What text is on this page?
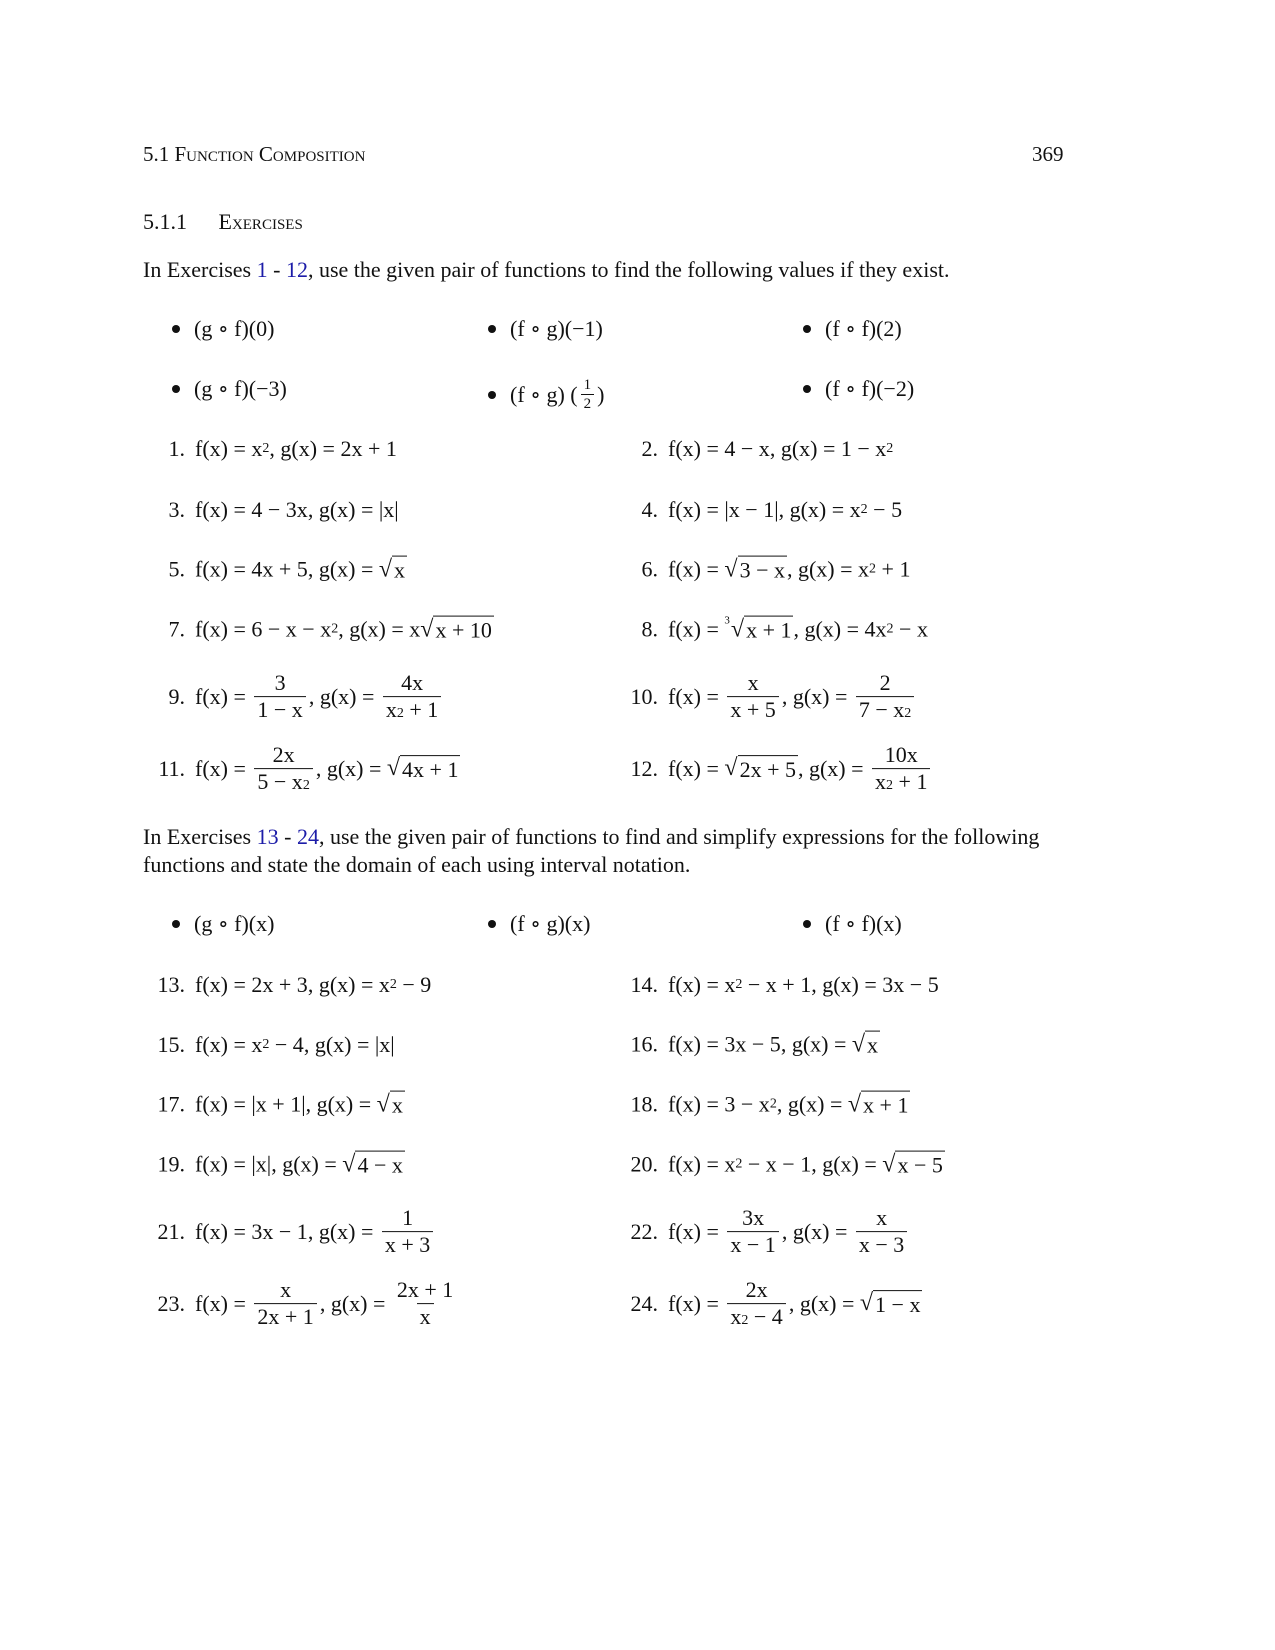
5.1 Function Composition	369
5.1.1 Exercises
In Exercises 1 - 12, use the given pair of functions to find the following values if they exist.
(g ∘ f)(0)	(f ∘ g)(−1)	(f ∘ f)(2)
(g ∘ f)(−3)	(f ∘ g) ( $\frac{1}{2}$ )	(f ∘ f)(−2)
1. f(x) = x 2 , g(x) = 2x + 1	2. f(x) = 4 − x , g(x) = 1 − x 2
3. f(x) = 4 − 3x , g(x) = |x|	4. f(x) = |x − 1| , g(x) = x 2 − 5
5. f(x) = 4x + 5 , g(x) = √ x	6. f(x) = √ 3 − x , g(x) = x 2 + 1
7. f(x) = 6 − x − x 2 , g(x) = x √ x + 10	8. f(x) = 3 √ x + 1 , g(x) = 4x 2 − x
9. $f(x) = \frac{3}{1 - x}$ , $g(x) = \frac{4x}{x 2 + 1}$	10. $f(x) = \frac{x}{x + 5}$ , $g(x) = \frac{2}{7 - x 2}$
11. $f(x) = \frac{2x}{5 - x 2}$ , g(x) = √ 4x + 1	12. f(x) = √ 2x + 5 , $g(x) = \frac{10x}{x 2 + 1}$
In Exercises 13 - 24, use the given pair of functions to find and simplify expressions for the following functions and state the domain of each using interval notation.
(g ∘ f)(x)	(f ∘ g)(x)	(f ∘ f)(x)
13. f(x) = 2x + 3 , g(x) = x 2 − 9	14. f(x) = x 2 − x + 1 , g(x) = 3x − 5
15. f(x) = x 2 − 4 , g(x) = |x|	16. f(x) = 3x − 5 , g(x) = √ x
17. f(x) = |x + 1| , g(x) = √ x	18. f(x) = 3 − x 2 , g(x) = √ x + 1
19. f(x) = |x| , g(x) = √ 4 − x	20. f(x) = x 2 − x − 1 , g(x) = √ x − 5
21. f(x) = 3x − 1 , $g(x) = \frac{1}{x + 3}$	22. $f(x) = \frac{3x}{x - 1}$ , $g(x) = \frac{x}{x - 3}$
23. $f(x) = \frac{x}{2x + 1}$ , $g(x) = \frac{2x + 1}{x}$	24. $f(x) = \frac{2x}{x 2 - 4}$ , g(x) = √ 1 − x
